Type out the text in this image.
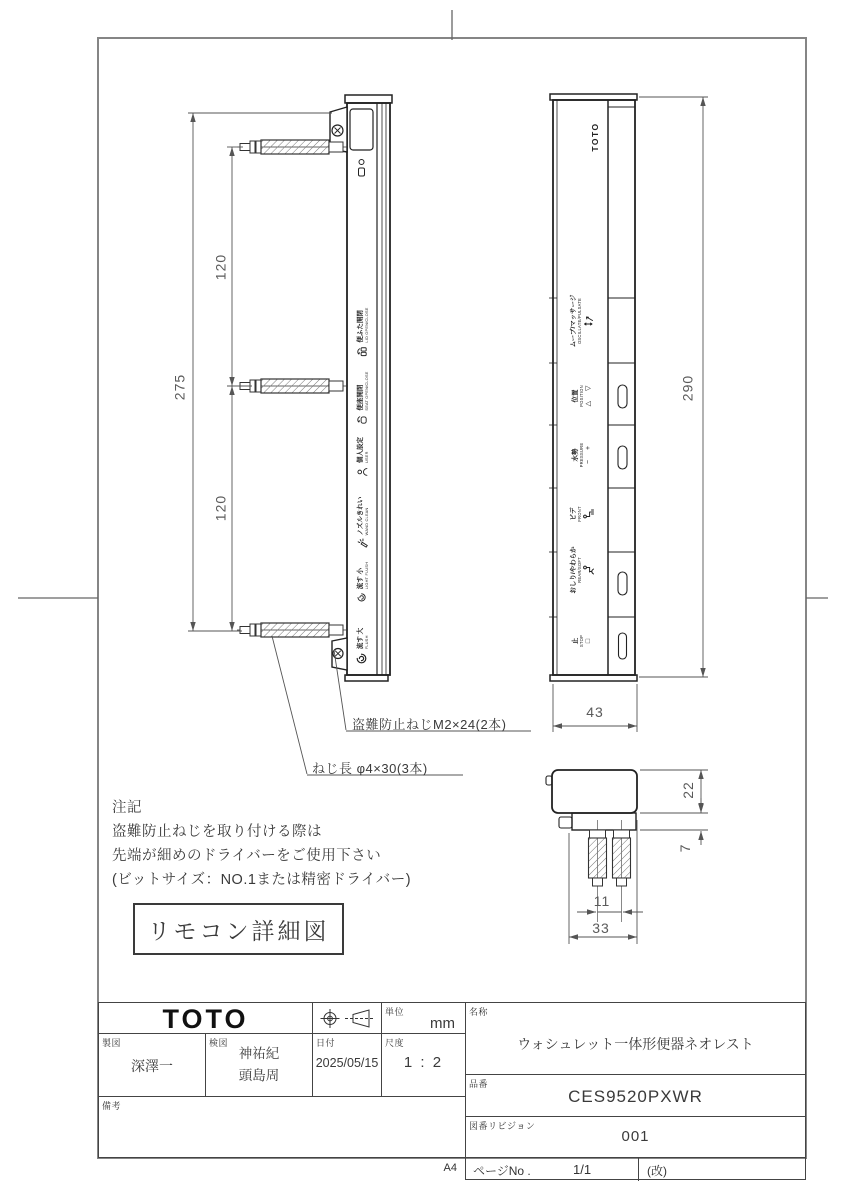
275
120
120
290
43
22
7
11
33
盗難防止ねじM2×24(2本)
ねじ長 φ4×30(3本)
注記
盗難防止ねじを取り付ける際は
先端が細めのドライバーをご使用下さい
(ビットサイズ：NO.1または精密ドライバー)
リモコン詳細図
便ふた開閉 LID OPEN/CLOSE
便座開閉 SEAT OPEN/CLOSE
個人設定 USER
ノズルきれい WAND CLEAN
流す 小 LIGHT FLUSH
流す 大 FLUSH
TOTO
ムーブ/マッサージ OSCILLATE/PULSATE
位置 POSITION △
▽
水勢 PRESSURE −
+
ビデ FRONT
おしり/やわらか REAR/SOFT
止 STOP □
TOTO	単位
mm
製図
深澤一
検図
神祐紀
頭島周
日付
2025/05/15
尺度
1 : 2
備考
名称
ウォシュレット一体形便器ネオレスト
品番
CES9520PXWR
図番リビジョン
001
ページNo .	1/1	(改)
A4
